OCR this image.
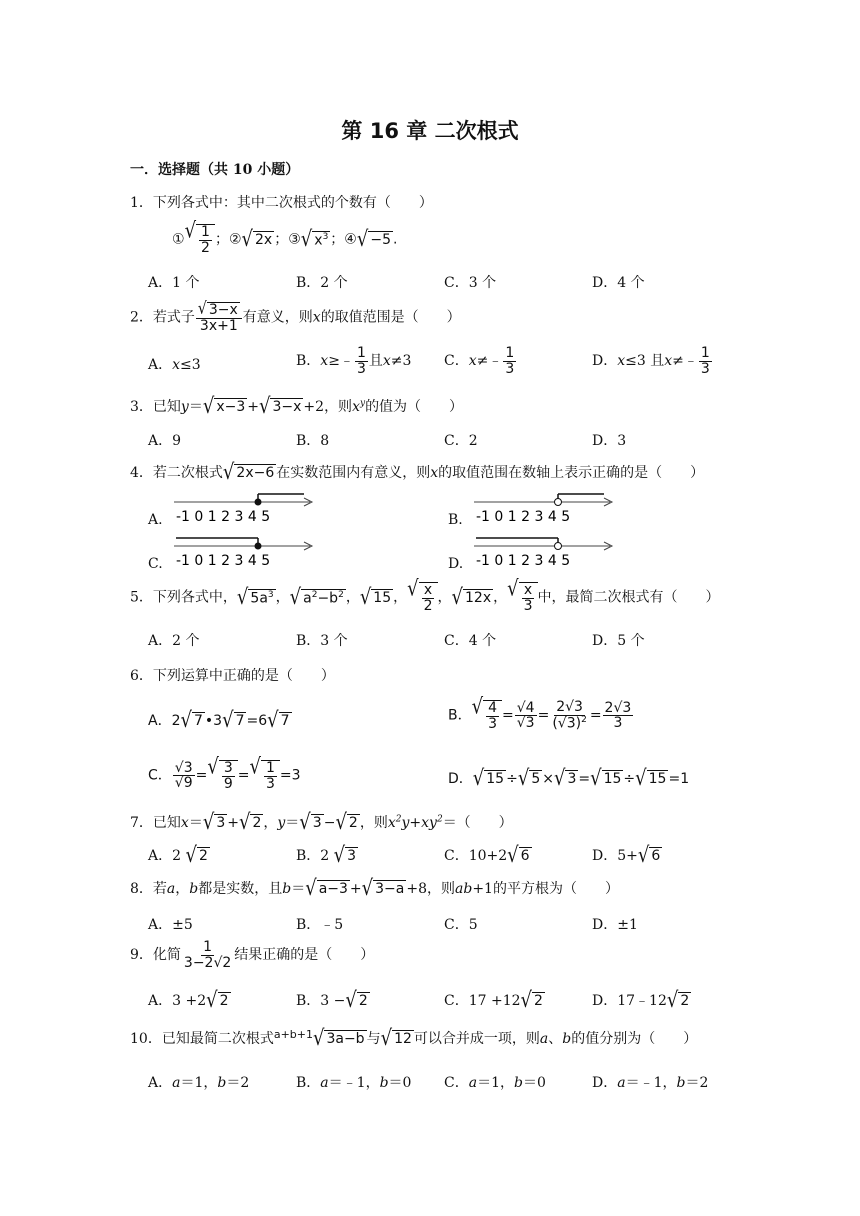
第 16 章 二次根式
一．选择题（共 10 小题）
1．下列各式中：其中二次根式的个数有（　　）
① √ $\frac{1}{2}$ ；② √ 2x ；③ √ $x^3$ ；④ √ −5 .
A．1 个	B．2 个	C．3 个	D．4 个
2．若式子 $\frac{√ 3-x}{3x+1}$ 有意义，则x的取值范围是（　　）
A．x≤3	B．x≥﹣ $\frac{1}{3}$ 且x≠3 C．x≠﹣ $\frac{1}{3}$	D．x≤3 且x≠﹣ $\frac{1}{3}$
3．已知y＝ √ x−3 + √ 3−x +2，则$x^y$的值为（　　）
A．9	B．8	C．2	D．3
4．若二次根式 √ 2x−6 在实数范围内有意义，则x的取值范围在数轴上表示正确的是（　　）
A.	B.
C.	D.
-1 0 1 2 3 4 5	-1 0 1 2 3 4 5
-1 0 1 2 3 4 5	-1 0 1 2 3 4 5
5．下列各式中， √ $5a^3$ ， √ $a^2-b^2$ ， √ 15 ， √ $\frac{x}{2}$ ， √ 12x ， √ $\frac{x}{3}$ 中，最简二次根式有（　　）
A．2 个	B．3 个	C．4 个	D．5 个
6．下列运算中正确的是（　　）
A．2 √ 7 •3 √ 7 =6 √ 7	B． √ $\frac{4}{3} = \frac{√4}{√3} = \frac{2√3}{(√3)^2} = \frac{2√3}{3}$
C． $\frac{√3}{√9}$ = √ $\frac{3}{9}$ = √ $\frac{1}{3} =3$	D． √ 15 ÷ √ 5 × √ 3 = √ 15 ÷ √ 15 =1
7．已知x＝ √ 3 + √ 2 ，y＝ √ 3 − √ 2 ，则$x^2y+xy^2=$（　　）
A．2 √ 2	B．2 √ 3	C．10+2 √ 6	D．5+ √ 6
8．若a，b都是实数，且b＝ √ a−3 + √ 3−a +8，则ab+1的平方根为（　　）
A．±5	B．﹣5	C．5	D．±1
9．化简 $\frac{1}{3-2√2}$ 结果正确的是（　　）
A．3 +2 √ 2	B．3 − √ 2	C．17 +12 √ 2	D．17﹣12 √ 2
10．已知最简二次根式$^{a+b+1}$ √ 3a−b 与 √ 12 可以合并成一项，则a、b的值分别为（　　）
A．a＝1，b＝2	B．a＝﹣1，b＝0 C．a＝1，b＝0	D．a＝﹣1，b＝2
